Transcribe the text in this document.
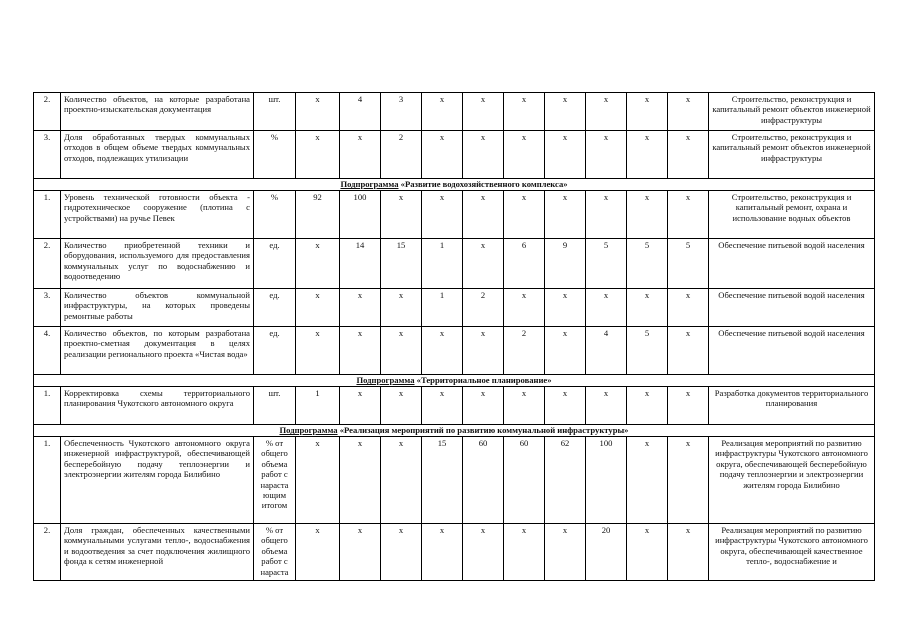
2.	Количество объектов, на которые разработана проектно-изыскательская документация	шт.	х	4	3	х	х	х	х	х	х	х	Строительство, реконструкция и капитальный ремонт объектов инженерной инфраструктуры
3.	Доля обработанных твердых коммунальных отходов в общем объеме твердых коммунальных отходов, подлежащих утилизации	%	х	х	2	х	х	х	х	х	х	х	Строительство, реконструкция и капитальный ремонт объектов инженерной инфраструктуры
Подпрограмма «Развитие водохозяйственного комплекса»													
1.	Уровень технической готовности объекта - гидротехническое сооружение (плотина с устройствами) на ручье Певек	%	92	100	х	х	х	х	х	х	х	х	Строительство, реконструкция и капитальный ремонт, охрана и использование водных объектов
2.	Количество приобретенной техники и оборудования, используемого для предоставления коммунальных услуг по водоснабжению и водоотведению	ед.	х	14	15	1	х	6	9	5	5	5	Обеспечение питьевой водой населения
3.	Количество объектов коммунальной инфраструктуры, на которых проведены ремонтные работы	ед.	х	х	х	1	2	х	х	х	х	х	Обеспечение питьевой водой населения
4.	Количество объектов, по которым разработана проектно-сметная документация в целях реализации регионального проекта «Чистая вода»	ед.	х	х	х	х	х	2	х	4	5	х	Обеспечение питьевой водой населения
Подпрограмма «Территориальное планирование»													
1.	Корректировка схемы территориального планирования Чукотского автономного округа	шт.	1	х	х	х	х	х	х	х	х	х	Разработка документов территориального планирования
Подпрограмма «Реализация мероприятий по развитию коммунальной инфраструктуры»													
1.	Обеспеченность Чукотского автономного округа инженерной инфраструктурой, обеспечивающей бесперебойную подачу теплоэнергии и электроэнергии жителям города Билибино	% от общего объема работ с нараста ющим итогом	х	х	х	15	60	60	62	100	х	х	Реализация мероприятий по развитию инфраструктуры Чукотского автономного округа, обеспечивающей бесперебойную подачу теплоэнергии и электроэнергии жителям города Билибино
2.	Доля граждан, обеспеченных качественными коммунальными услугами тепло-, водоснабжения и водоотведения за счет подключения жилищного фонда к сетям инженерной	% от общего объема работ с нараста	х	х	х	х	х	х	х	20	х	х	Реализация мероприятий по развитию инфраструктуры Чукотского автономного округа, обеспечивающей качественное тепло-, водоснабжение и
